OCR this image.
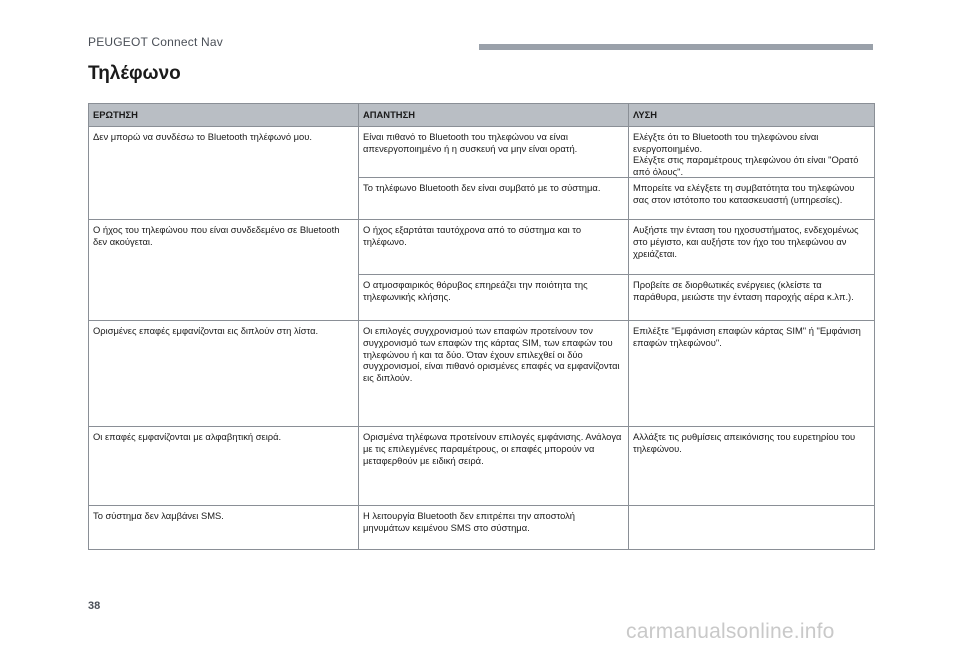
PEUGEOT Connect Nav
Τηλέφωνο
ΕΡΩΤΗΣΗ	ΑΠΑΝΤΗΣΗ	ΛΥΣΗ
Δεν μπορώ να συνδέσω το Bluetooth τηλέφωνό μου.	Είναι πιθανό το Bluetooth του τηλεφώνου να είναι απενεργοποιημένο ή η συσκευή να μην είναι ορατή.	Ελέγξτε ότι το Bluetooth του τηλεφώνου είναι ενεργοποιημένο.
Ελέγξτε στις παραμέτρους τηλεφώνου ότι είναι "Ορατό από όλους".

	Το τηλέφωνο Bluetooth δεν είναι συμβατό με το σύστημα.	Μπορείτε να ελέγξετε τη συμβατότητα του τηλεφώνου σας στον ιστότοπο του κατασκευαστή (υπηρεσίες).
Ο ήχος του τηλεφώνου που είναι συνδεδεμένο σε Bluetooth δεν ακούγεται.	Ο ήχος εξαρτάται ταυτόχρονα από το σύστημα και το τηλέφωνο.	Αυξήστε την ένταση του ηχοσυστήματος, ενδεχομένως στο μέγιστο, και αυξήστε τον ήχο του τηλεφώνου αν χρειάζεται.
	Ο ατμοσφαιρικός θόρυβος επηρεάζει την ποιότητα της τηλεφωνικής κλήσης.	Προβείτε σε διορθωτικές ενέργειες (κλείστε τα παράθυρα, μειώστε την ένταση παροχής αέρα κ.λπ.).
Ορισμένες επαφές εμφανίζονται εις διπλούν στη λίστα.	Οι επιλογές συγχρονισμού των επαφών προτείνουν τον συγχρονισμό των επαφών της κάρτας SIM, των επαφών του τηλεφώνου ή και τα δύο. Όταν έχουν επιλεχθεί οι δύο συγχρονισμοί, είναι πιθανό ορισμένες επαφές να εμφανίζονται εις διπλούν.	Επιλέξτε "Εμφάνιση επαφών κάρτας SIM" ή "Εμφάνιση επαφών τηλεφώνου".
Οι επαφές εμφανίζονται με αλφαβητική σειρά.	Ορισμένα τηλέφωνα προτείνουν επιλογές εμφάνισης. Ανάλογα με τις επιλεγμένες παραμέτρους, οι επαφές μπορούν να μεταφερθούν με ειδική σειρά.	Αλλάξτε τις ρυθμίσεις απεικόνισης του ευρετηρίου του τηλεφώνου.
Το σύστημα δεν λαμβάνει SMS.	Η λειτουργία Bluetooth δεν επιτρέπει την αποστολή μηνυμάτων κειμένου SMS στο σύστημα.	
38
carmanualsonline.info
